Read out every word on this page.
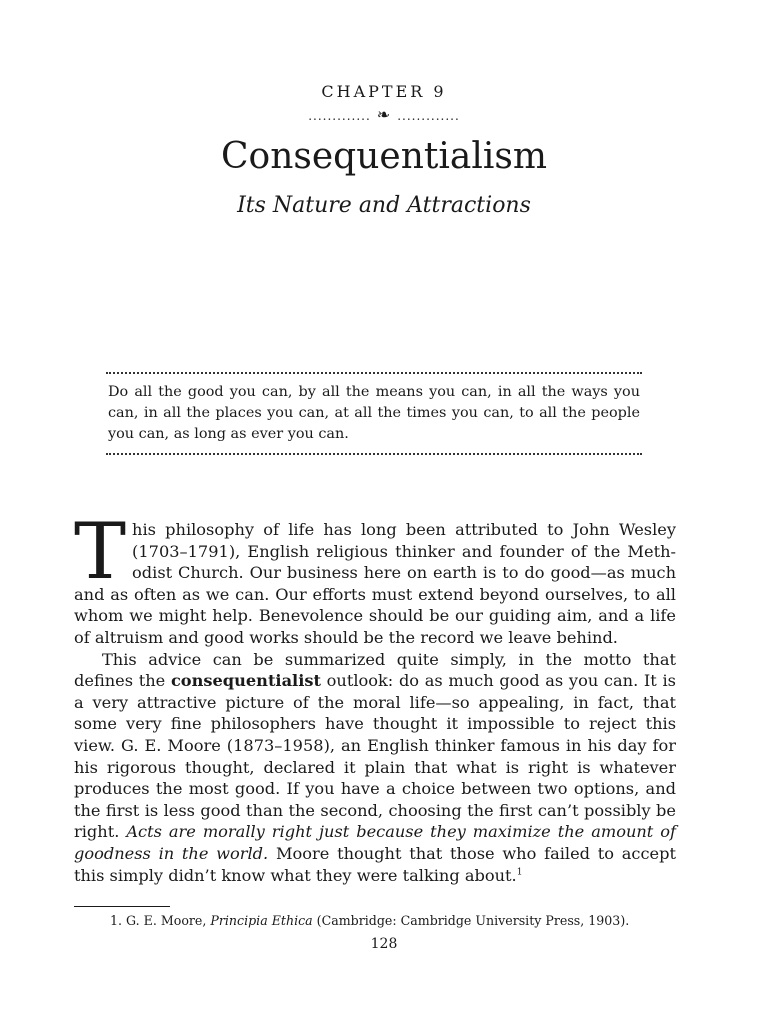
CHAPTER 9
............. ❧ .............
Consequentialism
Its Nature and Attractions
Do all the good you can, by all the means you can, in all the ways you can, in all the places you can, at all the times you can, to all the people you can, as long as ever you can.

This philosophy of life has long been attributed to John Wesley (1703–1791), English religious thinker and founder of the Meth- odist Church. Our business here on earth is to do good—as much and as often as we can. Our efforts must extend beyond ourselves, to all whom we might help. Benevolence should be our guiding aim, and a life of altruism and good works should be the record we leave behind.

This advice can be summarized quite simply, in the motto that defines the consequentialist outlook: do as much good as you can. It is a very attractive picture of the moral life—so appealing, in fact, that some very fine philosophers have thought it impossible to reject this view. G. E. Moore (1873–1958), an English thinker famous in his day for his rigorous thought, declared it plain that what is right is whatever produces the most good. If you have a choice between two options, and the first is less good than the second, choosing the first can’t possibly be right. Acts are morally right just because they maximize the amount of goodness in the world. Moore thought that those who failed to accept this simply didn’t know what they were talking about.$^1$

1. G. E. Moore, Principia Ethica (Cambridge: Cambridge University Press, 1903).
128
